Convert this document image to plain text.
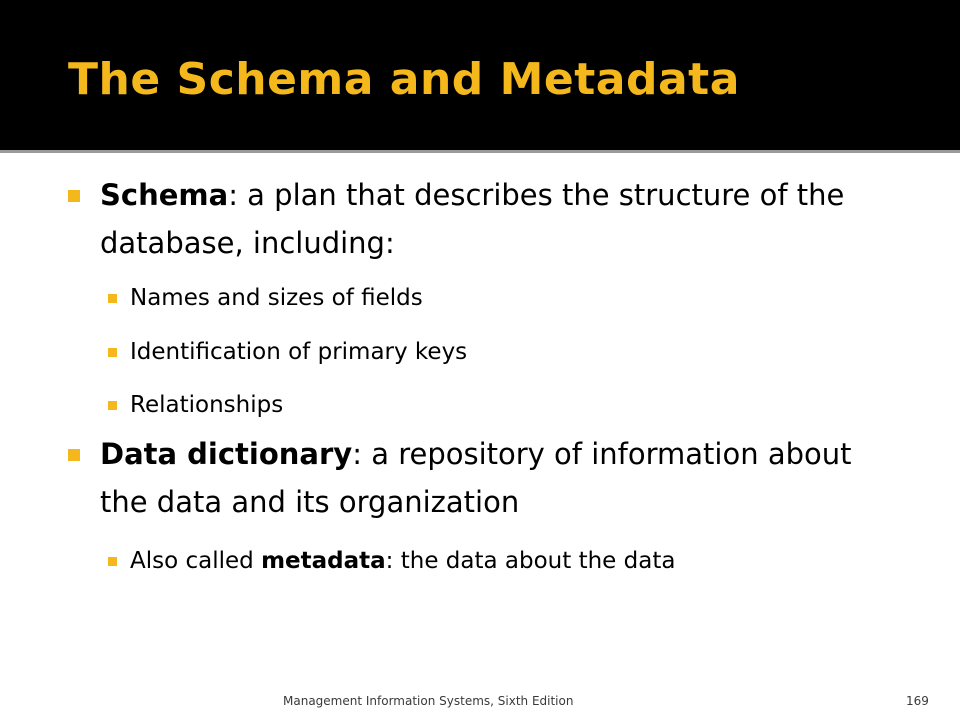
The Schema and Metadata
Schema: a plan that describes the structure of the database, including:
Names and sizes of fields
Identification of primary keys
Relationships
Data dictionary: a repository of information about the data and its organization
Also called metadata: the data about the data
Management Information Systems, Sixth Edition	169
